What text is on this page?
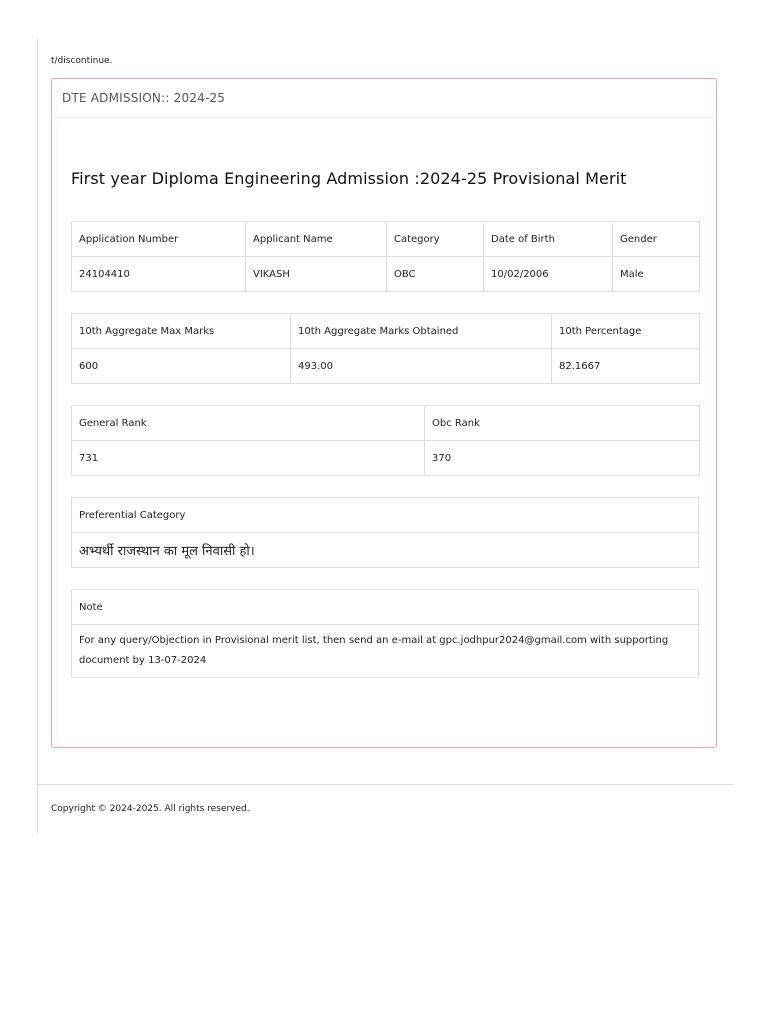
t/discontinue.
DTE ADMISSION:: 2024-25
First year Diploma Engineering Admission :2024-25 Provisional Merit
Application Number	Applicant Name	Category	Date of Birth	Gender
24104410	VIKASH	OBC	10/02/2006	Male
10th Aggregate Max Marks	10th Aggregate Marks Obtained	10th Percentage
600	493.00	82.1667
General Rank	Obc Rank
731	370
Preferential Category
अभ्यर्थी राजस्थान का मूल निवासी हो।
Note
For any query/Objection in Provisional merit list, then send an e-mail at gpc.jodhpur2024@gmail.com with supporting document by 13-07-2024
Copyright © 2024-2025. All rights reserved.
